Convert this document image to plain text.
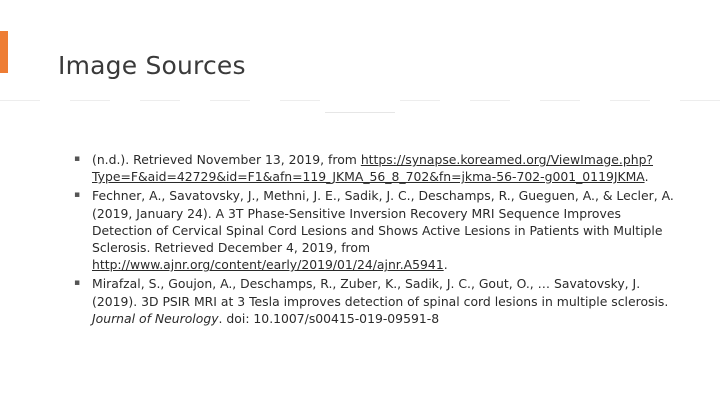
Image Sources
▪ (n.d.). Retrieved November 13, 2019, from https://synapse.koreamed.org/ViewImage.php?Type=F&aid=42729&id=F1&afn=119_JKMA_56_8_702&fn=jkma-56-702-g001_0119JKMA.
▪ Fechner, A., Savatovsky, J., Methni, J. E., Sadik, J. C., Deschamps, R., Gueguen, A., & Lecler, A. (2019, January 24). A 3T Phase-Sensitive Inversion Recovery MRI Sequence Improves Detection of Cervical Spinal Cord Lesions and Shows Active Lesions in Patients with Multiple Sclerosis. Retrieved December 4, 2019, from http://www.ajnr.org/content/early/2019/01/24/ajnr.A5941.
▪ Mirafzal, S., Goujon, A., Deschamps, R., Zuber, K., Sadik, J. C., Gout, O., … Savatovsky, J. (2019). 3D PSIR MRI at 3 Tesla improves detection of spinal cord lesions in multiple sclerosis. Journal of Neurology. doi: 10.1007/s00415-019-09591-8
